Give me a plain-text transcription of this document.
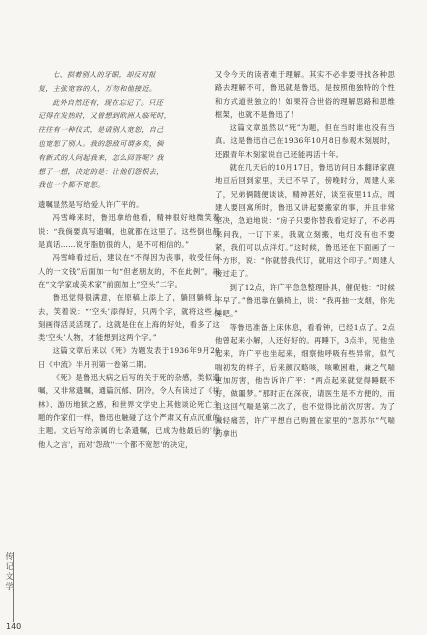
七、损着别人的牙眼，却反对报

复，主张宽容的人，万勿和他接近。

此外自然还有，现在忘记了。只还

记得在发热时，又曾想到欧洲人临死时，

往往有一种仪式，是请别人宽恕，自己

也宽恕了别人。我的怨敌可谓多矣，倘

有新式的人问起我来，怎么回答呢？我

想了一想，决定的是：让他们怨恨去，

我也一个都不宽恕。

遗嘱显然是写给爱人许广平的。

冯雪峰来时，鲁迅拿给他看，精神很好地微笑着说：“我倘要真写遗嘱，也就都在这里了。这些倒也都是真话……说牙脂肪很的人，是不可相信的。”

冯雪峰看过后，建议在“不得因为丧事，收受任何人的一文钱”后面加一句“但老朋友的，不在此例”，再在“文学家或美术家”前面加上“空头”二字。

鲁迅觉得很满意，在原稿上添上了，躺回躺椅上去，笑着说：“‘空头’添得好，只两个字，就将这些人刻画得活灵活现了。这就是住在上海的好处，看多了这类‘空头’人物，才能想到这两个字。”

这篇文章后来以《死》为题发表于1936年9月20日《中流》半月刊第一卷第二期。

《死》是鲁迅大病之后写的关于死的杂感，类似遗嘱，又非常遗嘱，通篇沉郁、阴冷，令人有读过了《祥林》、游历地狱之感，和世界文学史上其他谈论死亡主题的作家们一样，鲁迅也触碰了这个严肃又有点沉重的主题。文后写给亲属的七条遗嘱，已成为他最后的'待他人之言'，而对'怨敌''一个都不宽恕'的决定，

又令今天的读者难于理解。其实不必非要寻找各种思路去理解不可，鲁迅就是鲁迅，是按照他独特的个性和方式道世独立的！如果符合世俗的理解思路和思维框架，也就不是鲁迅了！

这篇文章虽然以“死”为题，但在当时谁也没有当真。这是鲁迅自己在1936年10月8日参观木刻展时，还跟青年木刻家说自己还能再活十年。

就在几天后的10月17日，鲁迅访问日本翻译家鹿地亘后回到家里，天已不早了，傍晚时分，周建人来了，兄弟俩随便谈谈，精神甚好，谈至夜里11点，周建人要回寓所时，鲁迅又讲起要搬家的事，并且非常坚决，急迫地说：“房子只要你替我看定好了，不必再来问我，一订下来，我就立刻搬，电灯没有也不要紧，我们可以点洋灯。”这时候，鲁迅还在下面画了一个方形，说：“你就替我代订，就用这个印子。”周建人接过走了。

到了12点，许广平急急整理卧具，催促他：“时候不早了。”鲁迅靠在躺椅上，说：“我再抽一支烟，你先睡吧。”

等鲁迅准备上床休息，看看钟，已经1点了。2点他曾起来小解，人还好好的。再睡下，3点半，见他坐起来，许广平也坐起来，细察他呼吸有些异常，似气喘初发的样子，后来颜汉略咳，咳嗽困难，兼之气喘更加厉害，他告诉许广平：“两点起来就觉得睡眠不好，做噩梦。”那时正在深夜，请医生是不方便的，而且这回气喘是第二次了，也不觉得比前次厉害。为了减轻痛苦，许广平想自己购置在家里的“忽苏尔”气喘药拿出

传记文学
140
